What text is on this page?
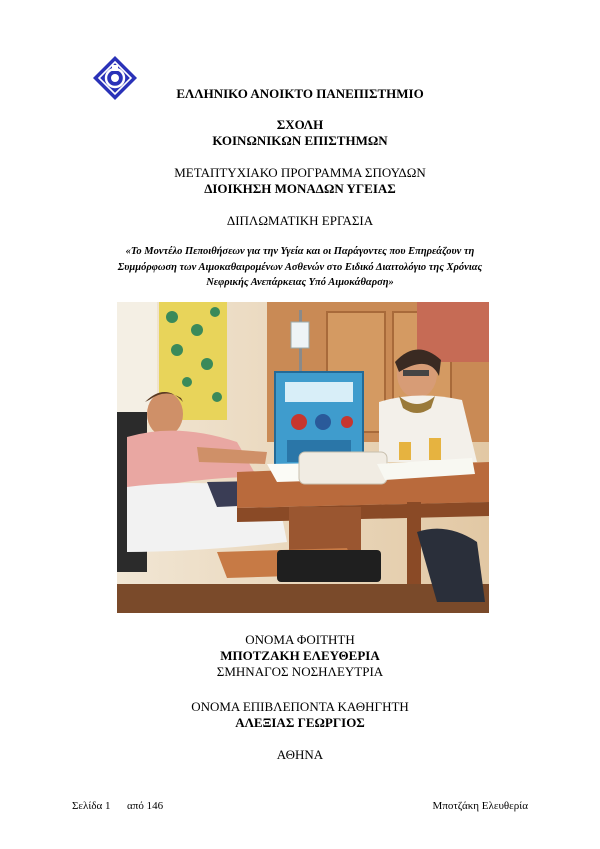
ΕΛΛΗΝΙΚΟ ΑΝΟΙΚΤΟ ΠΑΝΕΠΙΣΤΗΜΙΟ
ΣΧΟΛΗ
ΚΟΙΝΩΝΙΚΩΝ ΕΠΙΣΤΗΜΩΝ
ΜΕΤΑΠΤΥΧΙΑΚΟ ΠΡΟΓΡΑΜΜΑ ΣΠΟΥΔΩΝ
ΔΙΟΙΚΗΣΗ ΜΟΝΑΔΩΝ ΥΓΕΙΑΣ
ΔΙΠΛΩΜΑΤΙΚΗ ΕΡΓΑΣΙΑ
«Το Μοντέλο Πεποιθήσεων για την Υγεία και οι Παράγοντες που Επηρεάζουν τη
Συμμόρφωση των Αιμοκαθαιρομένων Ασθενών στο Ειδικό Διαιτολόγιο της Χρόνιας
Νεφρικής Ανεπάρκειας Υπό Αιμοκάθαρση»
ΟΝΟΜΑ ΦΟΙΤΗΤΗ
ΜΠΟΤΖΑΚΗ ΕΛΕΥΘΕΡΙΑ
ΣΜΗΝΑΓΟΣ ΝΟΣΗΛΕΥΤΡΙΑ
ΟΝΟΜΑ ΕΠΙΒΛΕΠΟΝΤΑ ΚΑΘΗΓΗΤΗ
ΑΛΕΞΙΑΣ ΓΕΩΡΓΙΟΣ
ΑΘΗΝΑ
Σελίδα 1 από 146	Μποτζάκη Ελευθερία
